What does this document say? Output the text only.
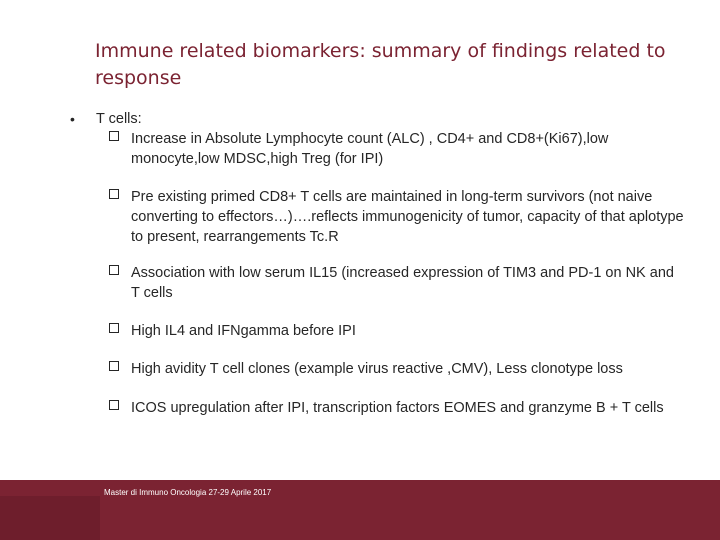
Immune related biomarkers: summary of findings related to response
• T cells:
Increase in Absolute Lymphocyte count (ALC) , CD4+ and CD8+(Ki67),low monocyte,low MDSC,high Treg (for IPI)
Pre existing primed CD8+ T cells are maintained in long-term survivors (not naive converting to effectors…)….reflects immunogenicity of tumor, capacity of that aplotype to present, rearrangements Tc.R
Association with low serum IL15 (increased expression of TIM3 and PD-1 on NK and T cells
High IL4 and IFNgamma before IPI
High avidity T cell clones (example virus reactive ,CMV), Less clonotype loss
ICOS upregulation after IPI, transcription factors EOMES and granzyme B + T cells
Master di Immuno Oncologia 27-29 Aprile 2017
